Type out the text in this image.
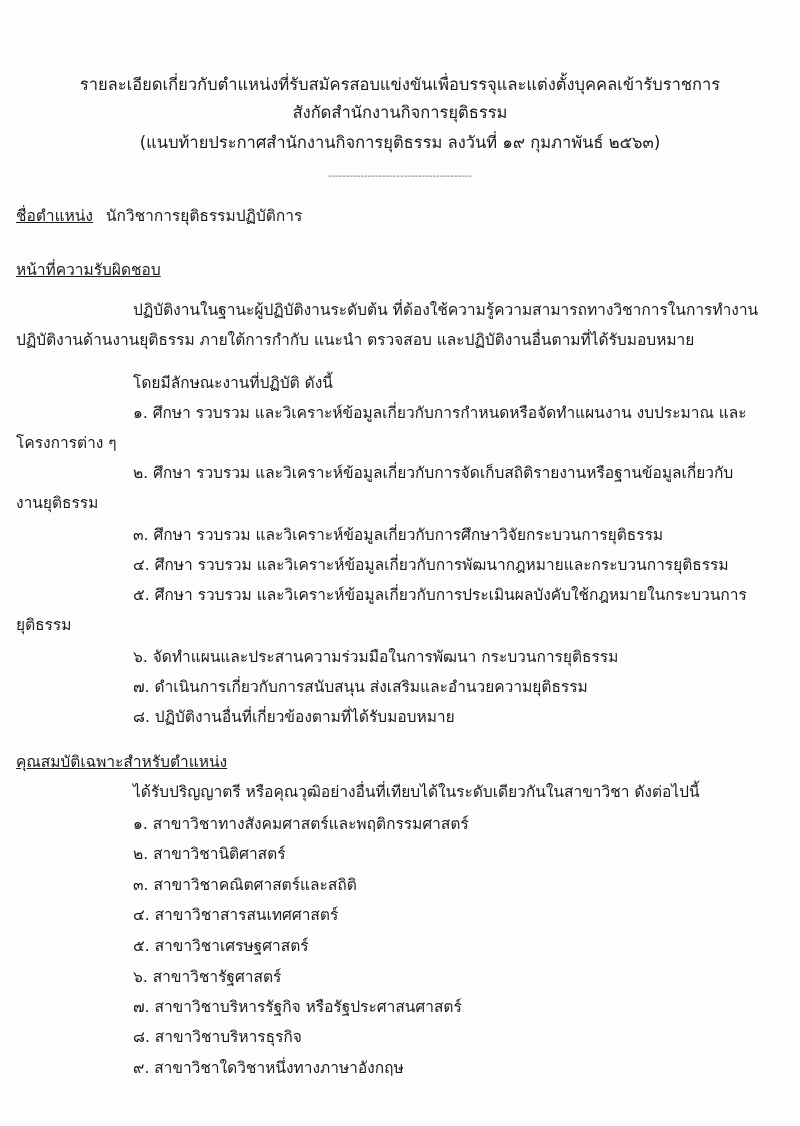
รายละเอียดเกี่ยวกับตำแหน่งที่รับสมัครสอบแข่งขันเพื่อบรรจุและแต่งตั้งบุคคลเข้ารับราชการ
สังกัดสำนักงานกิจการยุติธรรม
(แนบท้ายประกาศสำนักงานกิจการยุติธรรม ลงวันที่ ๑๙ กุมภาพันธ์ ๒๕๖๓)
----------------------------------------
ชื่อตำแหน่ง นักวิชาการยุติธรรมปฏิบัติการ
หน้าที่ความรับผิดชอบ
ปฏิบัติงานในฐานะผู้ปฏิบัติงานระดับต้น ที่ต้องใช้ความรู้ความสามารถทางวิชาการในการทำงาน
ปฏิบัติงานด้านงานยุติธรรม ภายใต้การกำกับ แนะนำ ตรวจสอบ และปฏิบัติงานอื่นตามที่ได้รับมอบหมาย
โดยมีลักษณะงานที่ปฏิบัติ ดังนี้
๑. ศึกษา รวบรวม และวิเคราะห์ข้อมูลเกี่ยวกับการกำหนดหรือจัดทำแผนงาน งบประมาณ และ
โครงการต่าง ๆ
๒. ศึกษา รวบรวม และวิเคราะห์ข้อมูลเกี่ยวกับการจัดเก็บสถิติรายงานหรือฐานข้อมูลเกี่ยวกับ
งานยุติธรรม
๓. ศึกษา รวบรวม และวิเคราะห์ข้อมูลเกี่ยวกับการศึกษาวิจัยกระบวนการยุติธรรม
๔. ศึกษา รวบรวม และวิเคราะห์ข้อมูลเกี่ยวกับการพัฒนากฎหมายและกระบวนการยุติธรรม
๕. ศึกษา รวบรวม และวิเคราะห์ข้อมูลเกี่ยวกับการประเมินผลบังคับใช้กฎหมายในกระบวนการ
ยุติธรรม
๖. จัดทำแผนและประสานความร่วมมือในการพัฒนา กระบวนการยุติธรรม
๗. ดำเนินการเกี่ยวกับการสนับสนุน ส่งเสริมและอำนวยความยุติธรรม
๘. ปฏิบัติงานอื่นที่เกี่ยวข้องตามที่ได้รับมอบหมาย
คุณสมบัติเฉพาะสำหรับตำแหน่ง
ได้รับปริญญาตรี หรือคุณวุฒิอย่างอื่นที่เทียบได้ในระดับเดียวกันในสาขาวิชา ดังต่อไปนี้
๑. สาขาวิชาทางสังคมศาสตร์และพฤติกรรมศาสตร์
๒. สาขาวิชานิติศาสตร์
๓. สาขาวิชาคณิตศาสตร์และสถิติ
๔. สาขาวิชาสารสนเทศศาสตร์
๕. สาขาวิชาเศรษฐศาสตร์
๖. สาขาวิชารัฐศาสตร์
๗. สาขาวิชาบริหารรัฐกิจ หรือรัฐประศาสนศาสตร์
๘. สาขาวิชาบริหารธุรกิจ
๙. สาขาวิชาใดวิชาหนึ่งทางภาษาอังกฤษ
